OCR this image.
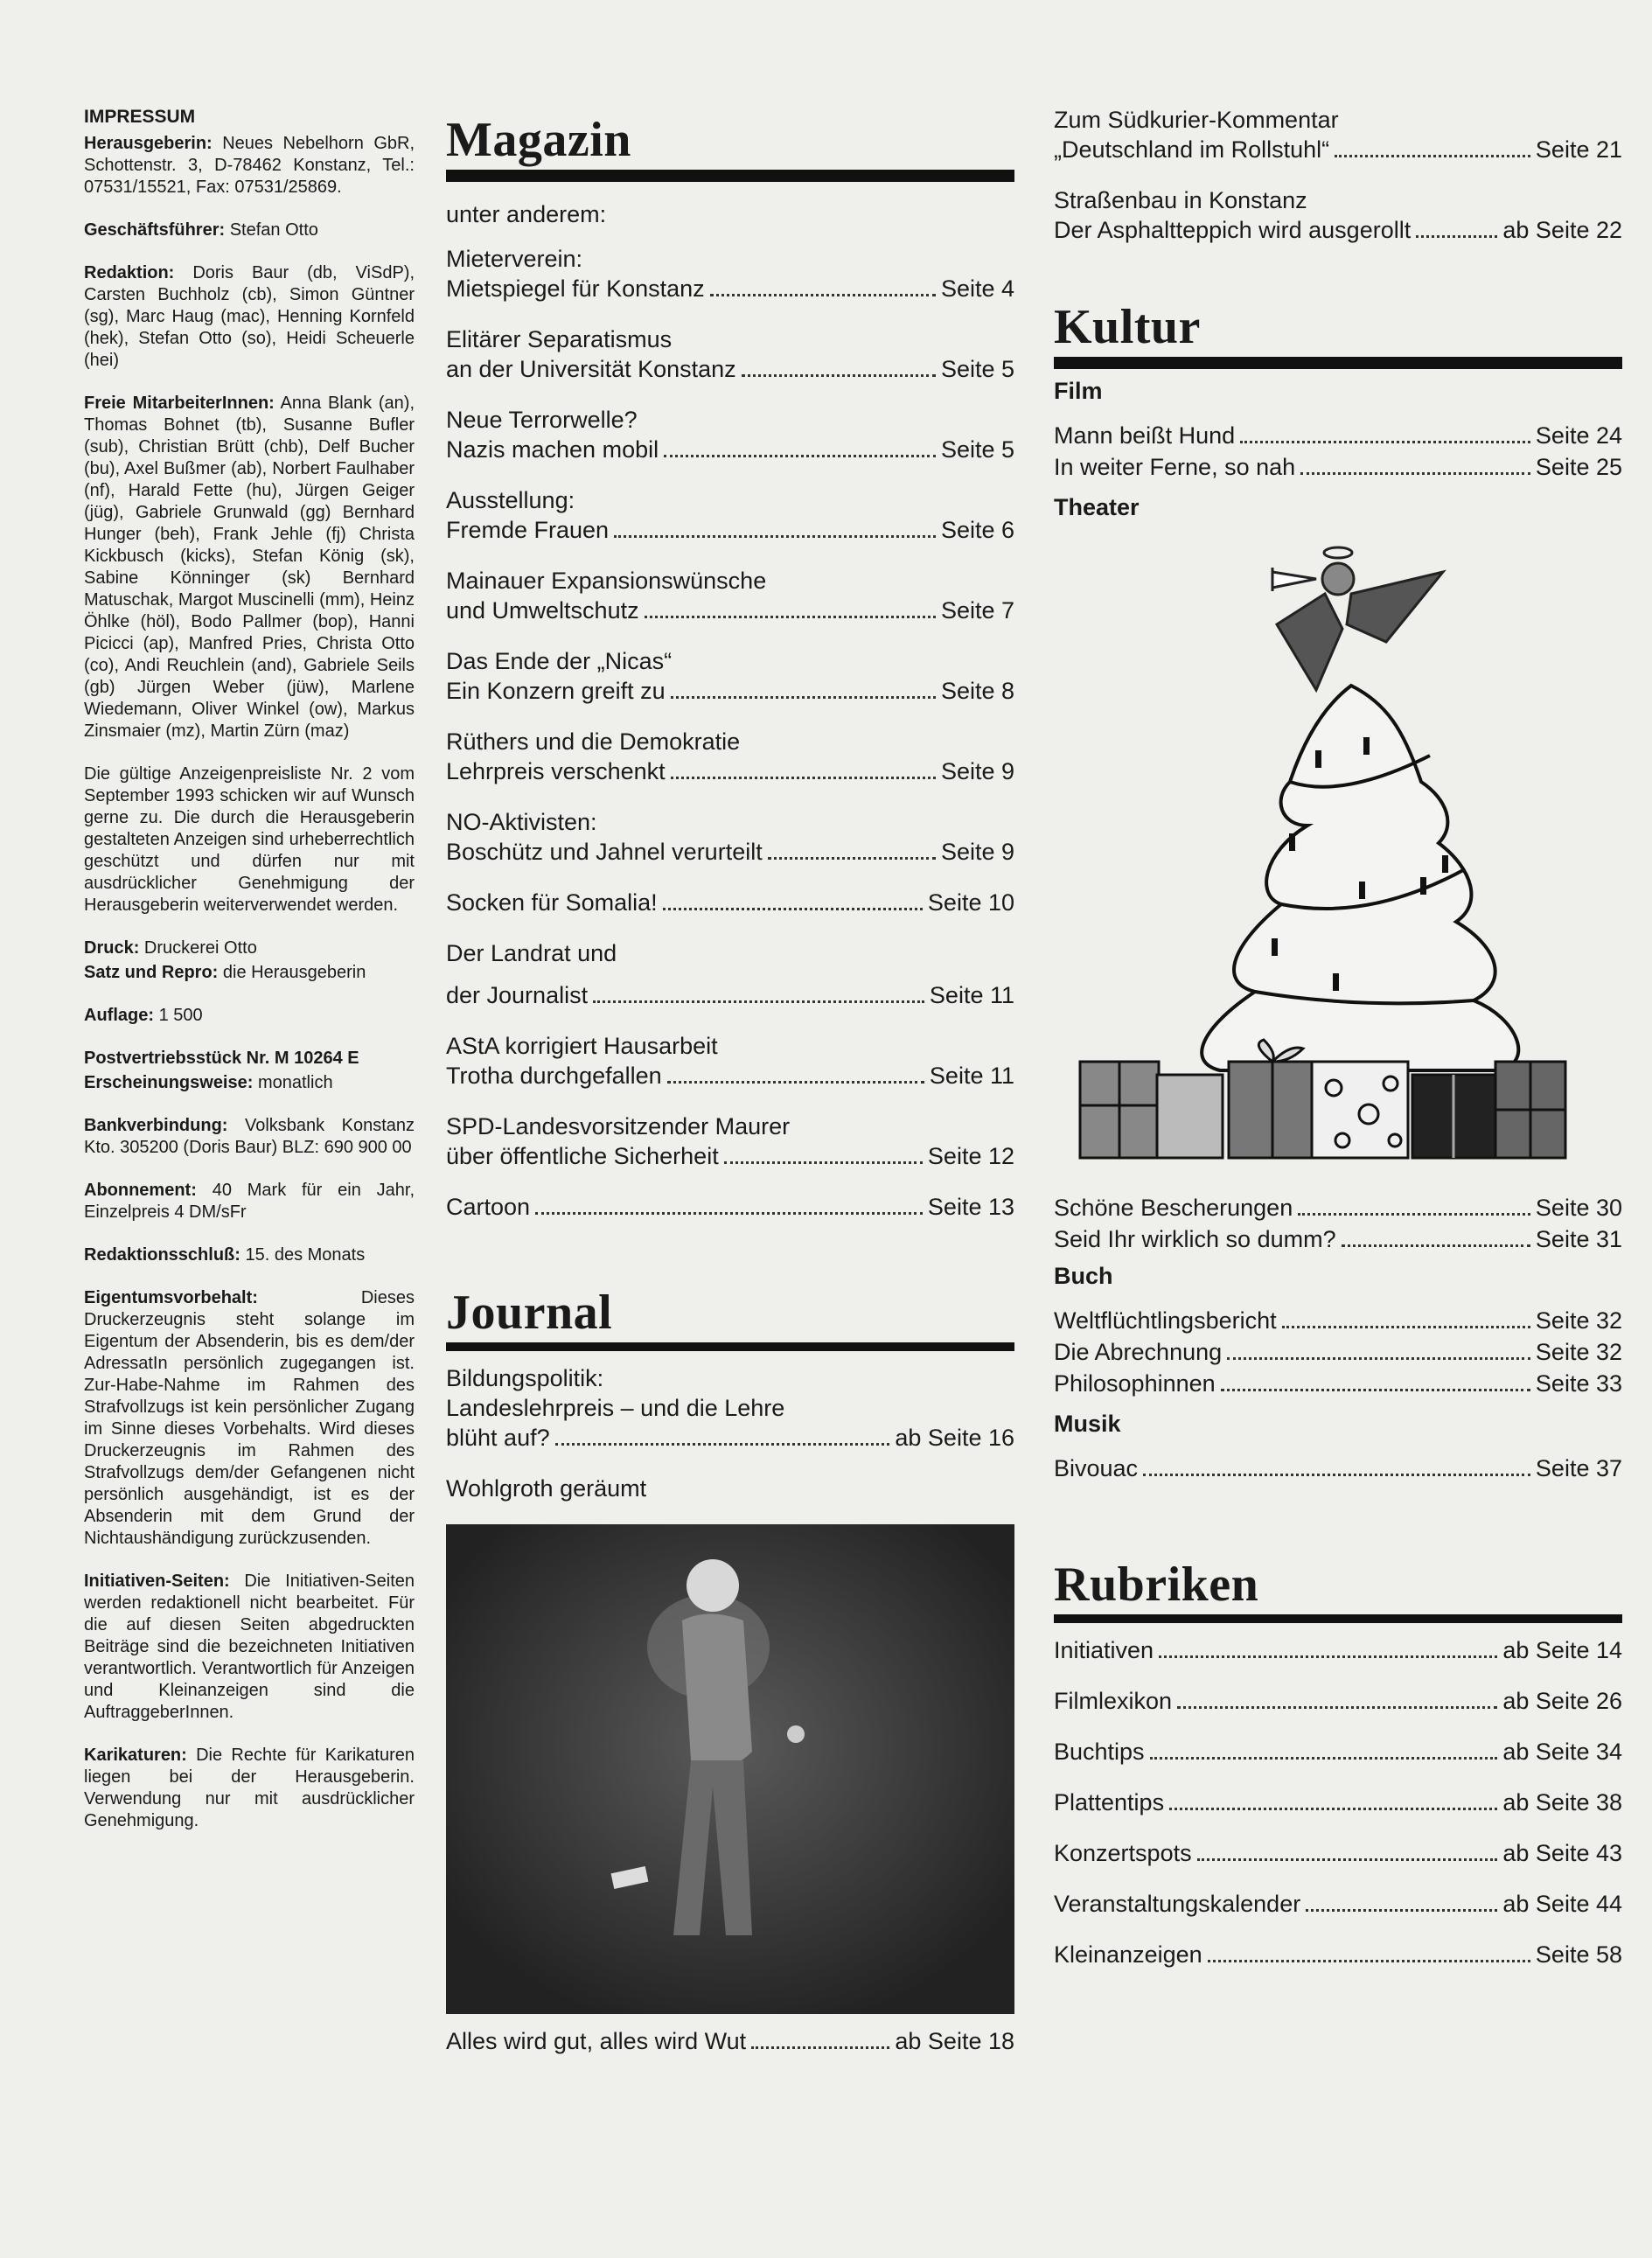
IMPRESSUM

Herausgeberin: Neues Nebelhorn GbR, Schottenstr. 3, D-78462 Konstanz, Tel.: 07531/15521, Fax: 07531/25869.

Geschäftsführer: Stefan Otto

Redaktion: Doris Baur (db, ViSdP), Carsten Buchholz (cb), Simon Güntner (sg), Marc Haug (mac), Henning Kornfeld (hek), Stefan Otto (so), Heidi Scheuerle (hei)

Freie MitarbeiterInnen: Anna Blank (an), Thomas Bohnet (tb), Susanne Bufler (sub), Christian Brütt (chb), Delf Bucher (bu), Axel Bußmer (ab), Norbert Faulhaber (nf), Harald Fette (hu), Jürgen Geiger (jüg), Gabriele Grunwald (gg) Bernhard Hunger (beh), Frank Jehle (fj) Christa Kickbusch (kicks), Stefan König (sk), Sabine Könninger (sk) Bernhard Matuschak, Margot Muscinelli (mm), Heinz Öhlke (höl), Bodo Pallmer (bop), Hanni Picicci (ap), Manfred Pries, Christa Otto (co), Andi Reuchlein (and), Gabriele Seils (gb) Jürgen Weber (jüw), Marlene Wiedemann, Oliver Winkel (ow), Markus Zinsmaier (mz), Martin Zürn (maz)

Die gültige Anzeigenpreisliste Nr. 2 vom September 1993 schicken wir auf Wunsch gerne zu. Die durch die Herausgeberin gestalteten Anzeigen sind urheberrechtlich geschützt und dürfen nur mit ausdrücklicher Genehmigung der Herausgeberin weiterverwendet werden.

Druck: Druckerei Otto

Satz und Repro: die Herausgeberin

Auflage: 1 500

Postvertriebsstück Nr. M 10264 E

Erscheinungsweise: monatlich

Bankverbindung: Volksbank Konstanz Kto. 305200 (Doris Baur) BLZ: 690 900 00

Abonnement: 40 Mark für ein Jahr, Einzelpreis 4 DM/sFr

Redaktionsschluß: 15. des Monats

Eigentumsvorbehalt:	Dieses Druckerzeugnis steht solange im Eigentum der Absenderin, bis es dem/der AdressatIn persönlich zugegangen ist. Zur-Habe-Nahme im Rahmen des Strafvollzugs ist kein persönlicher Zugang im Sinne dieses Vorbehalts. Wird dieses Druckerzeugnis im Rahmen des Strafvollzugs dem/der Gefangenen nicht persönlich ausgehändigt, ist es der Absenderin mit dem Grund der Nichtaushändigung zurückzusenden.

Initiativen-Seiten: Die Initiativen-Seiten werden redaktionell nicht bearbeitet. Für die auf diesen Seiten abgedruckten Beiträge sind die bezeichneten Initiativen verantwortlich. Verantwortlich für Anzeigen und Kleinanzeigen sind die AuftraggeberInnen.

Karikaturen: Die Rechte für Karikaturen liegen bei der Herausgeberin. Verwendung nur mit ausdrücklicher Genehmigung.

Magazin
unter anderem:
Mieterverein:
Mietspiegel für Konstanz	Seite 4
Elitärer Separatismus
an der Universität Konstanz	Seite 5
Neue Terrorwelle?
Nazis machen mobil	Seite 5
Ausstellung:
Fremde Frauen	Seite 6
Mainauer Expansionswünsche
und Umweltschutz	Seite 7
Das Ende der „Nicas“
Ein Konzern greift zu	Seite 8
Rüthers und die Demokratie
Lehrpreis verschenkt	Seite 9
NO-Aktivisten:
Boschütz und Jahnel verurteilt	Seite 9
Socken für Somalia!	Seite 10
Der Landrat und
der Journalist	Seite 11
AStA korrigiert Hausarbeit
Trotha durchgefallen	Seite 11
SPD-Landesvorsitzender Maurer
über öffentliche Sicherheit	Seite 12
Cartoon	Seite 13
Journal
Bildungspolitik:
Landeslehrpreis – und die Lehre
blüht auf?	ab Seite 16
Wohlgroth geräumt
Alles wird gut, alles wird Wut	ab Seite 18
Zum Südkurier-Kommentar
„Deutschland im Rollstuhl“	Seite 21
Straßenbau in Konstanz
Der Asphaltteppich wird ausgerollt	ab Seite 22
Kultur
Film
Mann beißt Hund	Seite 24
In weiter Ferne, so nah	Seite 25
Theater
Schöne Bescherungen	Seite 30
Seid Ihr wirklich so dumm?	Seite 31
Buch
Weltflüchtlingsbericht	Seite 32
Die Abrechnung	Seite 32
Philosophinnen	Seite 33
Musik
Bivouac	Seite 37
Rubriken
Initiativen	ab Seite 14
Filmlexikon	ab Seite 26
Buchtips	ab Seite 34
Plattentips	ab Seite 38
Konzertspots	ab Seite 43
Veranstaltungskalender	ab Seite 44
Kleinanzeigen	Seite 58
